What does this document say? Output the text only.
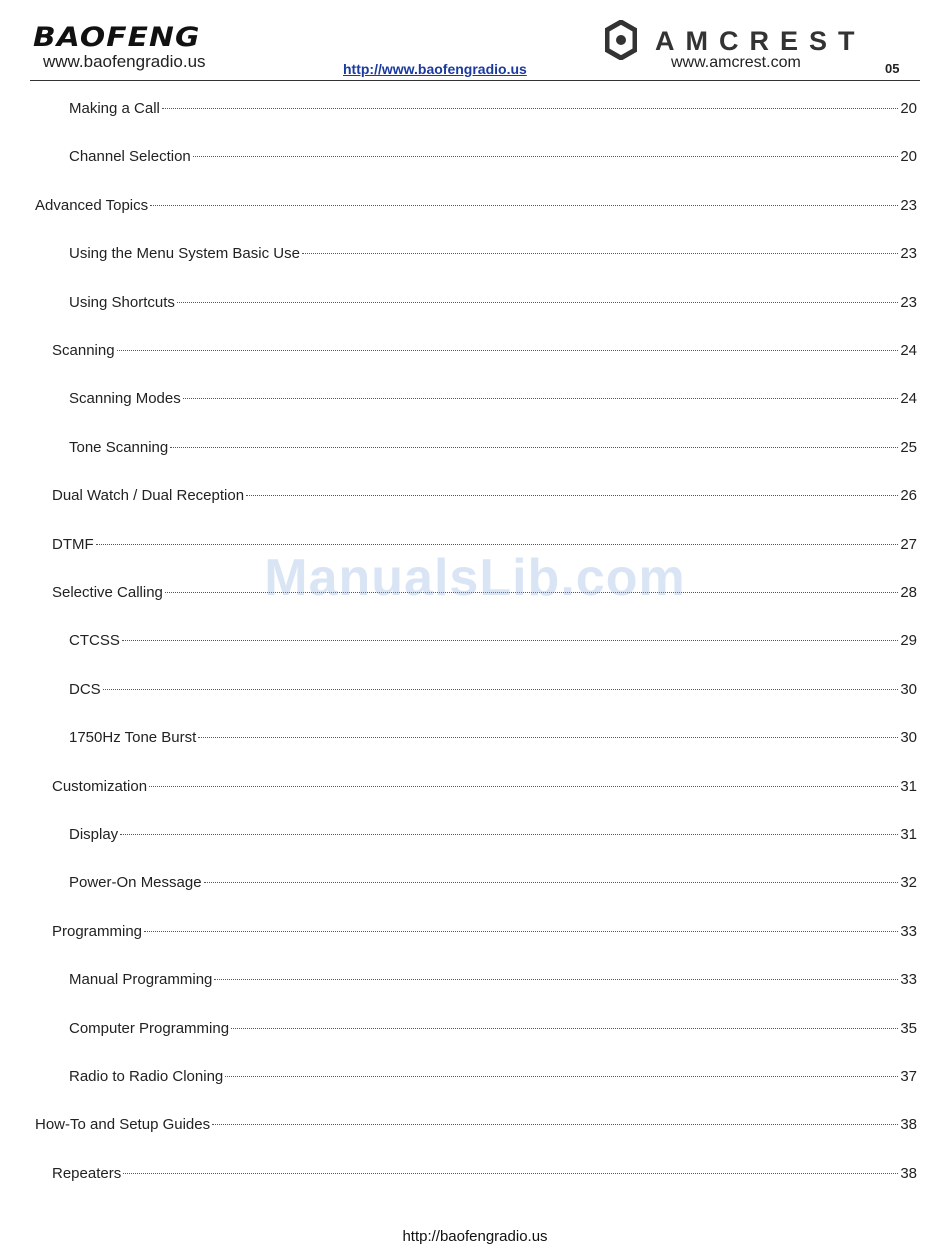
BAOFENG
www.baofengradio.us	http://www.baofengradio.us
AMCREST
www.amcrest.com	05
Making a Call	20
Channel Selection	20
Advanced Topics	23
Using the Menu System Basic Use	23
Using Shortcuts	23
Scanning	24
Scanning Modes	24
Tone Scanning	25
Dual Watch / Dual Reception	26
DTMF	27
Selective Calling	28
CTCSS	29
DCS	30
1750Hz Tone Burst	30
Customization	31
Display	31
Power-On Message	32
Programming	33
Manual Programming	33
Computer Programming	35
Radio to Radio Cloning	37
How-To and Setup Guides	38
Repeaters	38
ManualsLib.com
http://baofengradio.us
